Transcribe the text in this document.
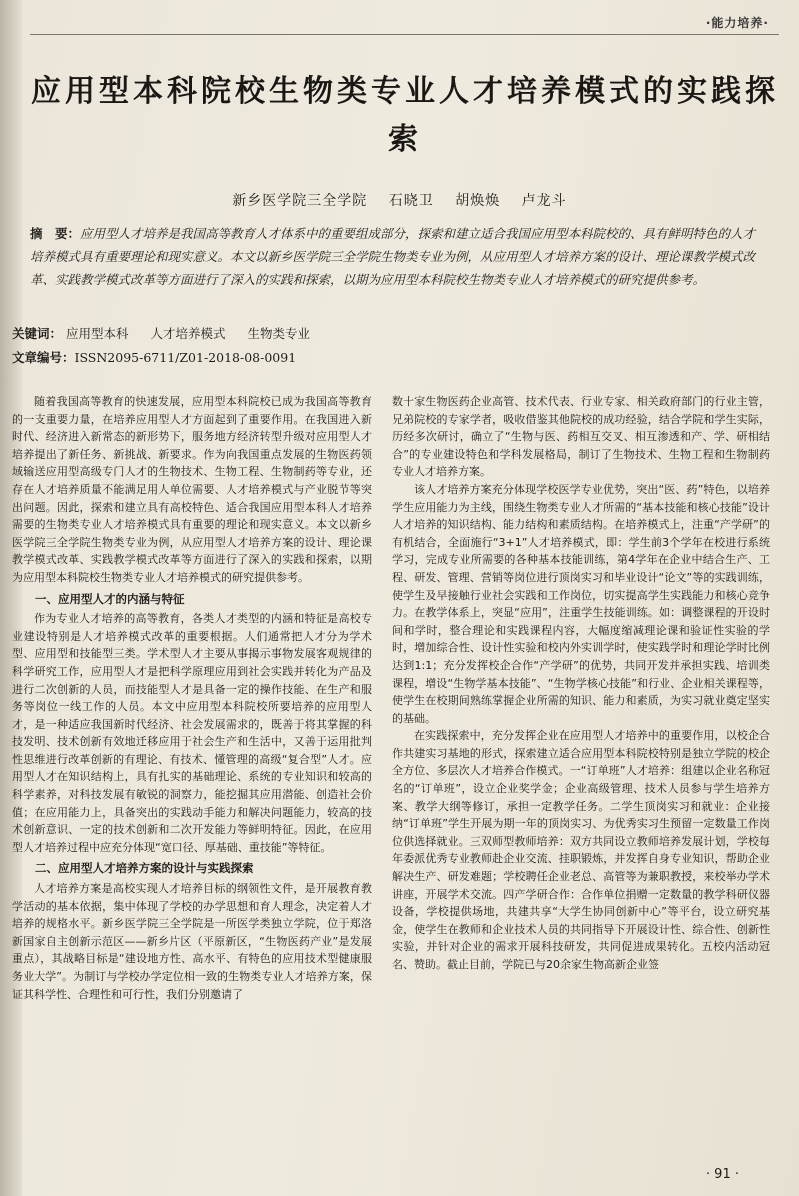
·能力培养·
应用型本科院校生物类专业人才培养模式的实践探索
新乡医学院三全学院 石晓卫 胡焕焕 卢龙斗
摘　要：应用型人才培养是我国高等教育人才体系中的重要组成部分，探索和建立适合我国应用型本科院校的、具有鲜明特色的人才培养模式具有重要理论和现实意义。本文以新乡医学院三全学院生物类专业为例，从应用型人才培养方案的设计、理论课教学模式改革、实践教学模式改革等方面进行了深入的实践和探索，以期为应用型本科院校生物类专业人才培养模式的研究提供参考。
关键词： 应用型本科 人才培养模式 生物类专业
文章编号：ISSN2095-6711/Z01-2018-08-0091

随着我国高等教育的快速发展，应用型本科院校已成为我国高等教育的一支重要力量，在培养应用型人才方面起到了重要作用。在我国进入新时代、经济进入新常态的新形势下，服务地方经济转型升级对应用型人才培养提出了新任务、新挑战、新要求。作为向我国重点发展的生物医药领域输送应用型高级专门人才的生物技术、生物工程、生物制药等专业，还存在人才培养质量不能满足用人单位需要、人才培养模式与产业脱节等突出问题。因此，探索和建立具有高校特色、适合我国应用型本科人才培养需要的生物类专业人才培养模式具有重要的理论和现实意义。本文以新乡医学院三全学院生物类专业为例，从应用型人才培养方案的设计、理论课教学模式改革、实践教学模式改革等方面进行了深入的实践和探索，以期为应用型本科院校生物类专业人才培养模式的研究提供参考。

一、应用型人才的内涵与特征

作为专业人才培养的高等教育，各类人才类型的内涵和特征是高校专业建设特别是人才培养模式改革的重要根据。人们通常把人才分为学术型、应用型和技能型三类。学术型人才主要从事揭示事物发展客观规律的科学研究工作，应用型人才是把科学原理应用到社会实践并转化为产品及进行二次创新的人员，而技能型人才是具备一定的操作技能、在生产和服务等岗位一线工作的人员。本文中应用型本科院校所要培养的应用型人才，是一种适应我国新时代经济、社会发展需求的，既善于将其掌握的科技发明、技术创新有效地迁移应用于社会生产和生活中，又善于运用批判性思维进行改革创新的有理论、有技术、懂管理的高级“复合型”人才。应用型人才在知识结构上，具有扎实的基础理论、系统的专业知识和较高的科学素养，对科技发展有敏锐的洞察力，能挖掘其应用潜能、创造社会价值；在应用能力上，具备突出的实践动手能力和解决问题能力，较高的技术创新意识、一定的技术创新和二次开发能力等鲜明特征。因此，在应用型人才培养过程中应充分体现“宽口径、厚基础、重技能”等特征。

二、应用型人才培养方案的设计与实践探索

人才培养方案是高校实现人才培养目标的纲领性文件，是开展教育教学活动的基本依据，集中体现了学校的办学思想和育人理念，决定着人才培养的规格水平。新乡医学院三全学院是一所医学类独立学院，位于郑洛新国家自主创新示范区——新乡片区（平原新区，“生物医药产业”是发展重点），其战略目标是“建设地方性、高水平、有特色的应用技术型健康服务业大学”。为制订与学校办学定位相一致的生物类专业人才培养方案，保证其科学性、合理性和可行性，我们分别邀请了

数十家生物医药企业高管、技术代表、行业专家、相关政府部门的行业主管，兄弟院校的专家学者，吸收借鉴其他院校的成功经验，结合学院和学生实际，历经多次研讨，确立了“生物与医、药相互交叉、相互渗透和产、学、研相结合”的专业建设特色和学科发展格局，制订了生物技术、生物工程和生物制药专业人才培养方案。

该人才培养方案充分体现学校医学专业优势，突出“医、药”特色，以培养学生应用能力为主线，围绕生物类专业人才所需的“基本技能和核心技能”设计人才培养的知识结构、能力结构和素质结构。在培养模式上，注重“产学研”的有机结合，全面施行“3+1”人才培养模式，即：学生前3个学年在校进行系统学习，完成专业所需要的各种基本技能训练，第4学年在企业中结合生产、工程、研发、管理、营销等岗位进行顶岗实习和毕业设计“论文”等的实践训练，使学生及早接触行业社会实践和工作岗位，切实提高学生实践能力和核心竞争力。在教学体系上，突显“应用”，注重学生技能训练。如：调整课程的开设时间和学时，整合理论和实践课程内容，大幅度缩减理论课和验证性实验的学时，增加综合性、设计性实验和校内外实训学时，使实践学时和理论学时比例达到1:1；充分发挥校企合作“产学研”的优势，共同开发并承担实践、培训类课程，增设“生物学基本技能”、“生物学核心技能”和行业、企业相关课程等，使学生在校期间熟练掌握企业所需的知识、能力和素质，为实习就业奠定坚实的基础。

在实践探索中，充分发挥企业在应用型人才培养中的重要作用，以校企合作共建实习基地的形式，探索建立适合应用型本科院校特别是独立学院的校企全方位、多层次人才培养合作模式。一“订单班”人才培养：组建以企业名称冠名的“订单班”，设立企业奖学金；企业高级管理、技术人员参与学生培养方案、教学大纲等修订，承担一定教学任务。二学生顶岗实习和就业：企业接纳“订单班”学生开展为期一年的顶岗实习、为优秀实习生预留一定数量工作岗位供选择就业。三双师型教师培养：双方共同设立教师培养发展计划，学校每年委派优秀专业教师赴企业交流、挂职锻炼，并发挥自身专业知识，帮助企业解决生产、研发难题；学校聘任企业老总、高管等为兼职教授，来校举办学术讲座，开展学术交流。四产学研合作：合作单位捐赠一定数量的教学科研仪器设备，学校提供场地，共建共享“大学生协同创新中心”等平台，设立研究基金，使学生在教师和企业技术人员的共同指导下开展设计性、综合性、创新性实验，并针对企业的需求开展科技研发，共同促进成果转化。五校内活动冠名、赞助。截止目前，学院已与20余家生物高新企业签

· 91 ·
